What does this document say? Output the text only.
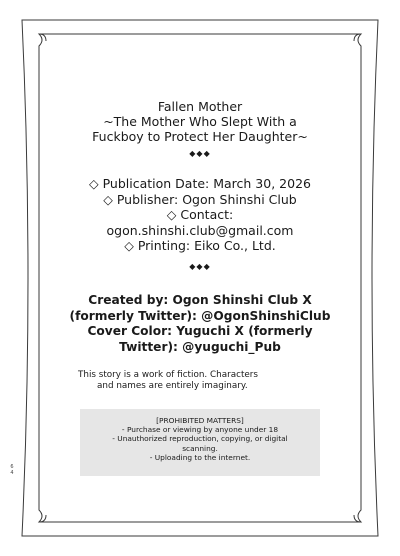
Fallen Mother

~The Mother Who Slept With a

Fuckboy to Protect Her Daughter~

◆◆◆

◇ Publication Date: March 30, 2026

◇ Publisher: Ogon Shinshi Club

◇ Contact:

ogon.shinshi.club@gmail.com

◇ Printing: Eiko Co., Ltd.

◆◆◆

Created by: Ogon Shinshi Club X

(formerly Twitter): @OgonShinshiClub

Cover Color: Yuguchi X (formerly

Twitter): @yuguchi_Pub

This story is a work of fiction. Characters
and names are entirely imaginary.
[PROHIBITED MATTERS]
- Purchase or viewing by anyone under 18
- Unauthorized reproduction, copying, or digital
scanning.
- Uploading to the internet.
6
4
